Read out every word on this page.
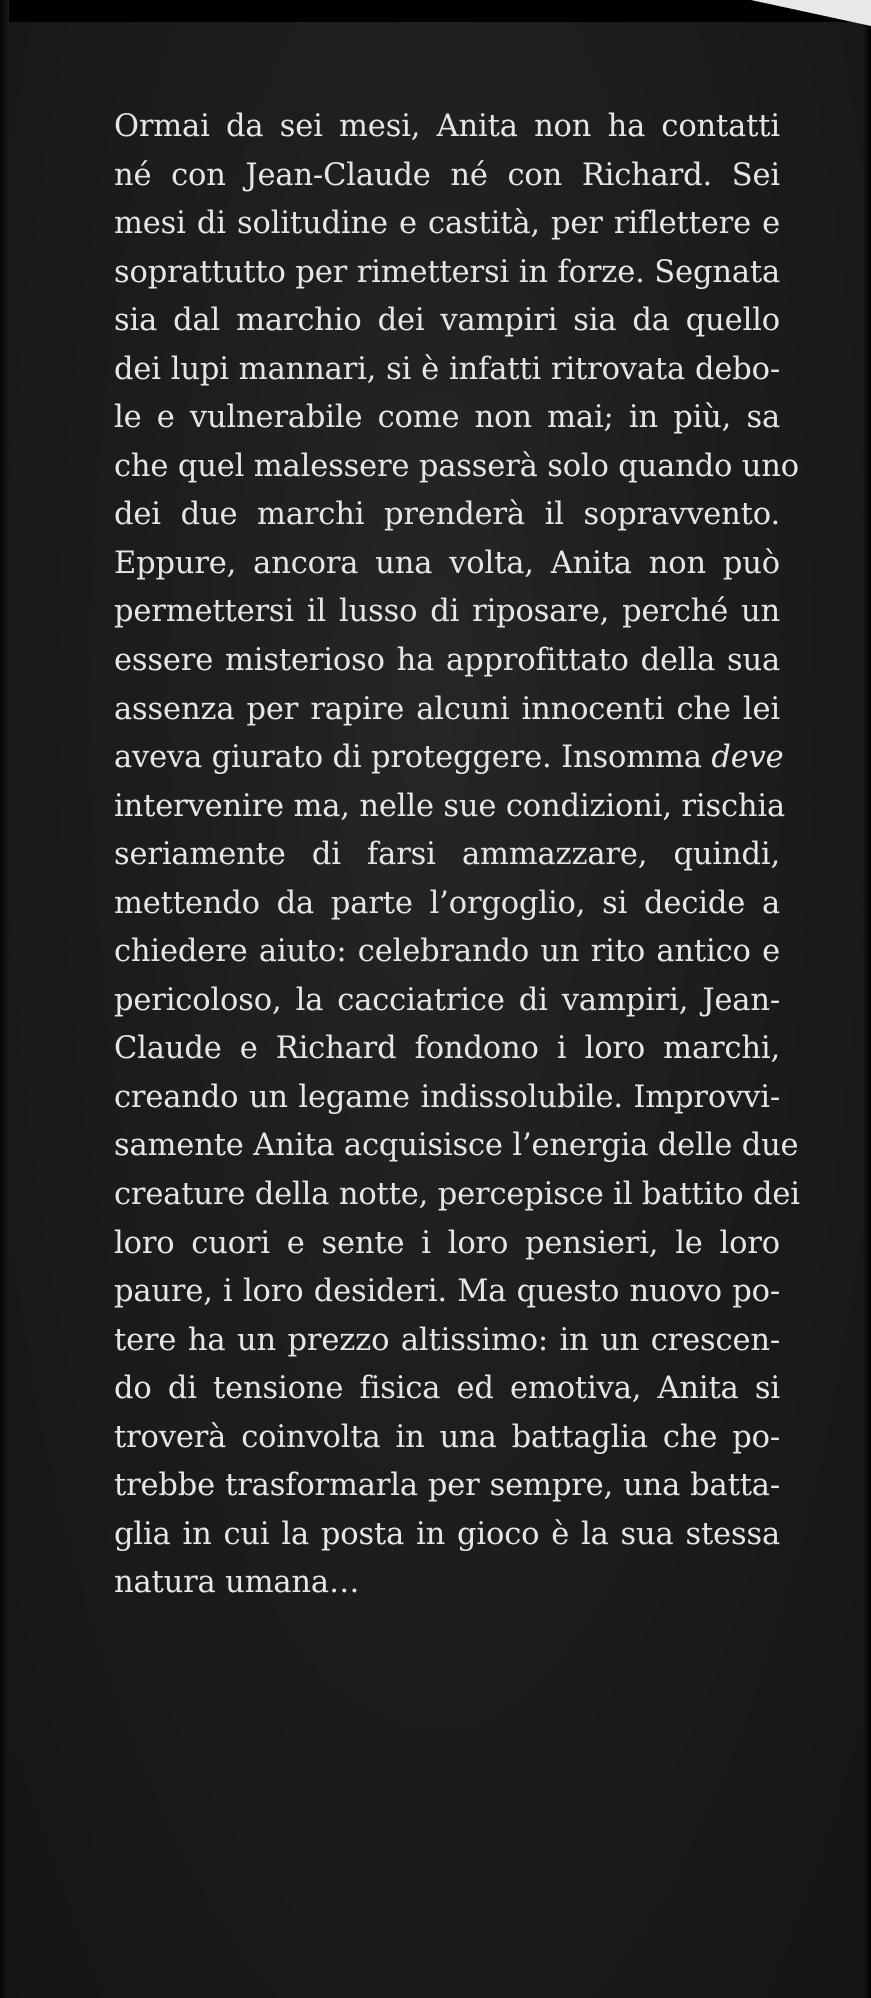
Ormai da sei mesi, Anita non ha contatti
né con Jean-Claude né con Richard. Sei
mesi di solitudine e castità, per riflettere e
soprattutto per rimettersi in forze. Segnata
sia dal marchio dei vampiri sia da quello
dei lupi mannari, si è infatti ritrovata debo-
le e vulnerabile come non mai; in più, sa
che quel malessere passerà solo quando uno
dei due marchi prenderà il sopravvento.
Eppure, ancora una volta, Anita non può
permettersi il lusso di riposare, perché un
essere misterioso ha approfittato della sua
assenza per rapire alcuni innocenti che lei
aveva giurato di proteggere. Insomma deve
intervenire ma, nelle sue condizioni, rischia
seriamente di farsi ammazzare, quindi,
mettendo da parte l’orgoglio, si decide a
chiedere aiuto: celebrando un rito antico e
pericoloso, la cacciatrice di vampiri, Jean-
Claude e Richard fondono i loro marchi,
creando un legame indissolubile. Improvvi-
samente Anita acquisisce l’energia delle due
creature della notte, percepisce il battito dei
loro cuori e sente i loro pensieri, le loro
paure, i loro desideri. Ma questo nuovo po-
tere ha un prezzo altissimo: in un crescen-
do di tensione fisica ed emotiva, Anita si
troverà coinvolta in una battaglia che po-
trebbe trasformarla per sempre, una batta-
glia in cui la posta in gioco è la sua stessa
natura umana…
